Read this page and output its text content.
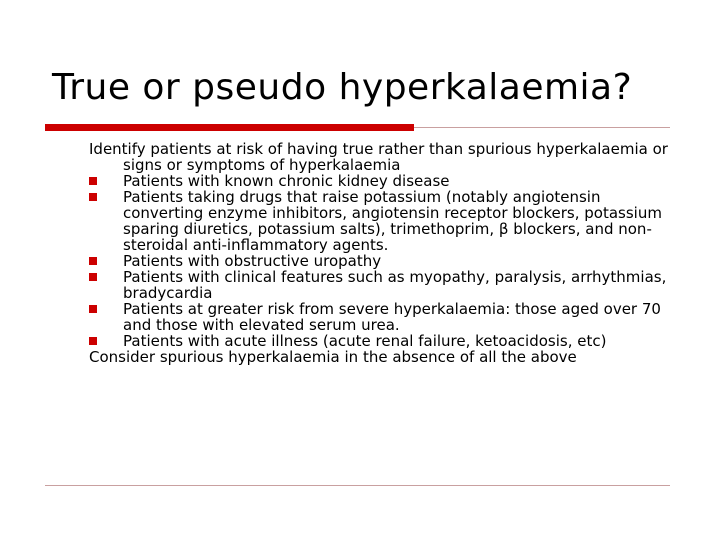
True or pseudo hyperkalaemia?

Identify patients at risk of having true rather than spurious hyperkalaemia or signs or symptoms of hyperkalaemia

Patients with known chronic kidney disease
Patients taking drugs that raise potassium (notably angiotensin converting enzyme inhibitors, angiotensin receptor blockers, potassium sparing diuretics, potassium salts), trimethoprim, β blockers, and non-steroidal anti-inflammatory agents.
Patients with obstructive uropathy
Patients with clinical features such as myopathy, paralysis, arrhythmias, bradycardia
Patients at greater risk from severe hyperkalaemia: those aged over 70 and those with elevated serum urea.
Patients with acute illness (acute renal failure, ketoacidosis, etc)

Consider spurious hyperkalaemia in the absence of all the above
